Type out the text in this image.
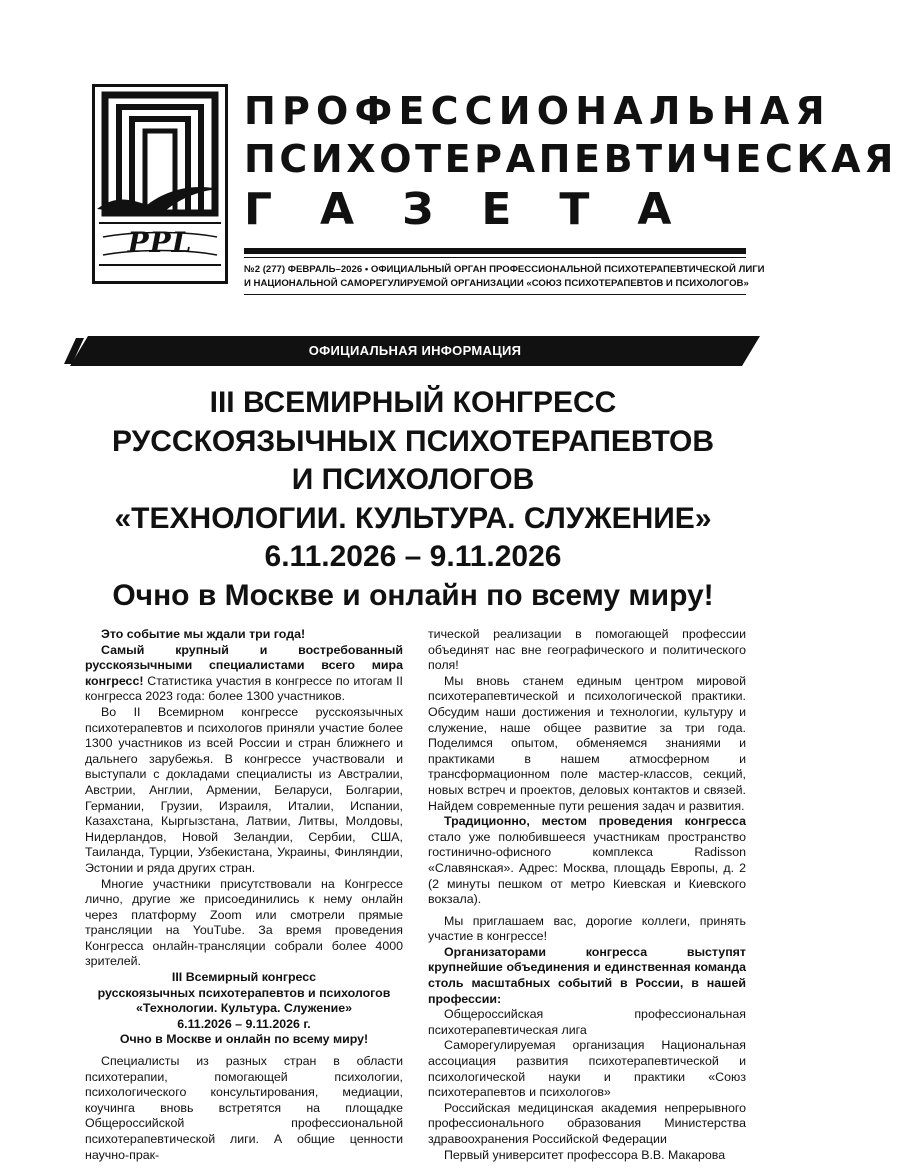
PPL
ПРОФЕССИОНАЛЬНАЯ
ПСИХОТЕРАПЕВТИЧЕСКАЯ
ГАЗЕТА
№2 (277) ФЕВРАЛЬ–2026 • ОФИЦИАЛЬНЫЙ ОРГАН ПРОФЕССИОНАЛЬНОЙ ПСИХОТЕРАПЕВТИЧЕСКОЙ ЛИГИ
И НАЦИОНАЛЬНОЙ САМОРЕГУЛИРУЕМОЙ ОРГАНИЗАЦИИ «СОЮЗ ПСИХОТЕРАПЕВТОВ И ПСИХОЛОГОВ»
ОФИЦИАЛЬНАЯ ИНФОРМАЦИЯ
III ВСЕМИРНЫЙ КОНГРЕСС
РУССКОЯЗЫЧНЫХ ПСИХОТЕРАПЕВТОВ
И ПСИХОЛОГОВ
«ТЕХНОЛОГИИ. КУЛЬТУРА. СЛУЖЕНИЕ»
6.11.2026 – 9.11.2026
Очно в Москве и онлайн по всему миру!

Это событие мы ждали три года!

Самый крупный и востребованный русскоязычными специалистами всего мира конгресс! Статистика участия в конгрессе по итогам II конгресса 2023 года: более 1300 участников.

Во II Всемирном конгрессе русскоязычных психотерапевтов и психологов приняли участие более 1300 участников из всей России и стран ближнего и дальнего зарубежья. В конгрессе участвовали и выступали с докладами специалисты из Австралии, Австрии, Англии, Армении, Беларуси, Болгарии, Германии, Грузии, Израиля, Италии, Испании, Казахстана, Кыргызстана, Латвии, Литвы, Молдовы, Нидерландов, Новой Зеландии, Сербии, США, Таиланда, Турции, Узбекистана, Украины, Финляндии, Эстонии и ряда других стран.

Многие участники присутствовали на Конгрессе лично, другие же присоединились к нему онлайн через платформу Zoom или смотрели прямые трансляции на YouTube. За время проведения Конгресса онлайн-трансляции собрали более 4000 зрителей.

III Всемирный конгресс

русскоязычных психотерапевтов и психологов

«Технологии. Культура. Служение»

6.11.2026 – 9.11.2026 г.

Очно в Москве и онлайн по всему миру!

Специалисты из разных стран в области психотерапии, помогающей психологии, психологического консультирования, медиации, коучинга вновь встретятся на площадке Общероссийской профессиональной психотерапевтической лиги. А общие ценности научно-прак-

тической реализации в помогающей профессии объединят нас вне географического и политического поля!

Мы вновь станем единым центром мировой психотерапевтической и психологической практики. Обсудим наши достижения и технологии, культуру и служение, наше общее развитие за три года. Поделимся опытом, обменяемся знаниями и практиками в нашем атмосферном и трансформационном поле мастер-классов, секций, новых встреч и проектов, деловых контактов и связей. Найдем современные пути решения задач и развития.

Традиционно, местом проведения конгресса стало уже полюбившееся участникам пространство гостинично-офисного комплекса Radisson «Славянская». Адрес: Москва, площадь Европы, д. 2 (2 минуты пешком от метро Киевская и Киевского вокзала).

Мы приглашаем вас, дорогие коллеги, принять участие в конгрессе!

Организаторами конгресса выступят крупнейшие объединения и единственная команда столь масштабных событий в России, в нашей профессии:

Общероссийская профессиональная психотерапевтическая лига

Саморегулируемая организация Национальная ассоциация развития психотерапевтической и психологической науки и практики «Союз психотерапевтов и психологов»

Российская медицинская академия непрерывного профессионального образования Министерства здравоохранения Российской Федерации

Первый университет профессора В.В. Макарова
